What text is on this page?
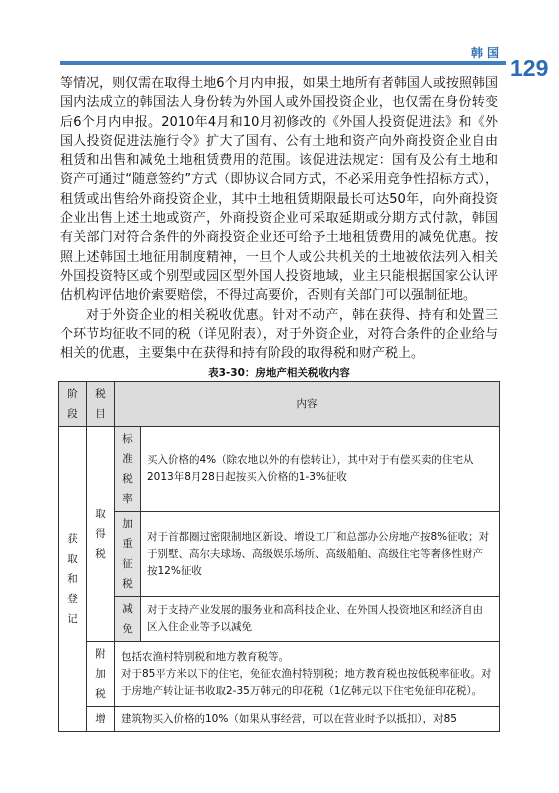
韩国
129

等情况，则仅需在取得土地6个月内申报，如果土地所有者韩国人或按照韩国国内法成立的韩国法人身份转为外国人或外国投资企业，也仅需在身份转变后6个月内申报。2010年4月和10月初修改的《外国人投资促进法》和《外国人投资促进法施行令》扩大了国有、公有土地和资产向外商投资企业自由租赁和出售和减免土地租赁费用的范围。该促进法规定：国有及公有土地和资产可通过“随意签约”方式（即协议合同方式，不必采用竞争性招标方式），租赁或出售给外商投资企业，其中土地租赁期限最长可达50年，向外商投资企业出售上述土地或资产，外商投资企业可采取延期或分期方式付款，韩国有关部门对符合条件的外商投资企业还可给予土地租赁费用的减免优惠。按照上述韩国土地征用制度精神，一旦个人或公共机关的土地被依法列入相关外国投资特区或个别型或园区型外国人投资地域，业主只能根据国家公认评估机构评估地价索要赔偿，不得过高要价，否则有关部门可以强制征地。

对于外资企业的相关税收优惠。针对不动产，韩在获得、持有和处置三个环节均征收不同的税（详见附表），对于外资企业，对符合条件的企业给与相关的优惠，主要集中在获得和持有阶段的取得税和财产税上。

表3-30：房地产相关税收内容
阶段	税目	内容	
获取和登记	取得税	标准税率	买入价格的4%（除农地以外的有偿转让），其中对于有偿买卖的住宅从2013年8月28日起按买入价格的1-3%征收
		加重征税	对于首都圈过密限制地区新设、增设工厂和总部办公房地产按8%征收；对于别墅、高尔夫球场、高级娱乐场所、高级船舶、高级住宅等奢侈性财产按12%征收
		减免	对于支持产业发展的服务业和高科技企业、在外国人投资地区和经济自由区入住企业等予以减免
	附加税	包括农渔村特别税和地方教育税等。
对于85平方米以下的住宅，免征农渔村特别税；地方教育税也按低税率征收。对于房地产转让证书收取2-35万韩元的印花税（1亿韩元以下住宅免征印花税）。	

	增	建筑物买入价格的10%（如果从事经营，可以在营业时予以抵扣），对85	
